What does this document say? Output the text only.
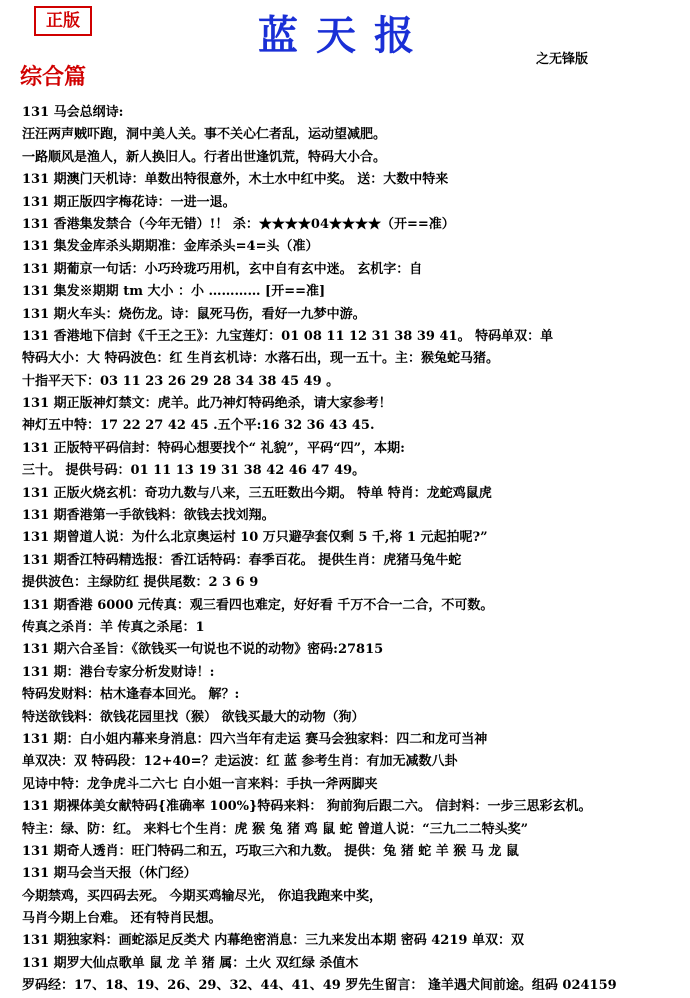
正版	蓝天报
之无锋版
综合篇
131 马会总纲诗:
汪汪两声贼吓跑，洞中美人关。事不关心仁者乱，运动望减肥。
一路顺风是渔人，新人换旧人。行者出世逢饥荒，特码大小合。
131 期澳门天机诗：单数出特很意外，木土水中红中奖。 送：大数中特来
131 期正版四字梅花诗：一进一退。
131 香港集发禁合（今年无错）!！ 杀：★★★★04★★★★（开==准）
131 集发金库杀头期期准：金库杀头=4=头（准）
131 期葡京一句话：小巧玲珑巧用机，玄中自有玄中迷。 玄机字：自
131 集发※期期 tm 大小 ：小 ………… [开==准]
131 期火车头：烧伤龙。诗：鼠死马伤，看好一九梦中游。
131 香港地下信封《千王之王》：九宝莲灯：01 08 11 12 31 38 39 41。 特码单双：单
特码大小：大 特码波色：红 生肖玄机诗：水落石出，现一五十。主：猴兔蛇马猪。
十指平天下：03 11 23 26 29 28 34 38 45 49 。
131 期正版神灯禁文：虎羊。此乃神灯特码绝杀，请大家参考！
神灯五中特：17 22 27 42 45 .五个平:16 32 36 43 45.
131 正版特平码信封：特码心想要找个“ 礼貌”，平码“四”，本期:
三十。 提供号码：01 11 13 19 31 38 42 46 47 49。
131 正版火烧玄机：奇功九数与八来，三五旺数出今期。 特单 特肖：龙蛇鸡鼠虎
131 期香港第一手欲钱料：欲钱去找刘翔。
131 期曾道人说：为什么北京奥运村 10 万只避孕套仅剩 5 千,将 1 元起拍呢?”
131 期香江特码精选报：香江话特码：春季百花。 提供生肖：虎猪马兔牛蛇
提供波色：主绿防红 提供尾数：2 3 6 9
131 期香港 6000 元传真：观三看四也难定，好好看 千万不合一二合，不可数。
传真之杀肖：羊 传真之杀尾：1
131 期六合圣旨：《欲钱买一句说也不说的动物》密码:27815
131 期：港台专家分析发财诗！:
特码发财料：枯木逢春本回光。 解？:
特送欲钱料：欲钱花园里找（猴） 欲钱买最大的动物（狗）
131 期：白小姐内幕来身消息：四六当年有走运 赛马会独家料：四二和龙可当神
单双决：双 特码段：12+40=？走运波：红 蓝 参考生肖：有加无减数八卦
见诗中特：龙争虎斗二六七 白小姐一言来料：手执一斧两脚夹
131 期裸体美女献特码{准确率 100%}特码来料： 狗前狗后跟二六。 信封料：一步三思彩玄机。
特主：绿、防：红。 来料七个生肖：虎 猴 兔 猪 鸡 鼠 蛇 曾道人说：“三九二二特头奖”
131 期奇人透肖：旺门特码二和五，巧取三六和九数。 提供：兔 猪 蛇 羊 猴 马 龙 鼠
131 期马会当天报（休门经）
今期禁鸡，买四码去死。 今期买鸡输尽光， 你追我跑来中奖，
马肖今期上台难。 还有特肖民想。
131 期独家料：画蛇添足反类犬 内幕绝密消息：三九来发出本期 密码 4219 单双：双
131 期罗大仙点歌单 鼠 龙 羊 猪 属：土火 双红绿 杀值木
罗码经：17、18、19、26、29、32、44、41、49 罗先生留言： 逢羊遇犬间前途。组码 024159
